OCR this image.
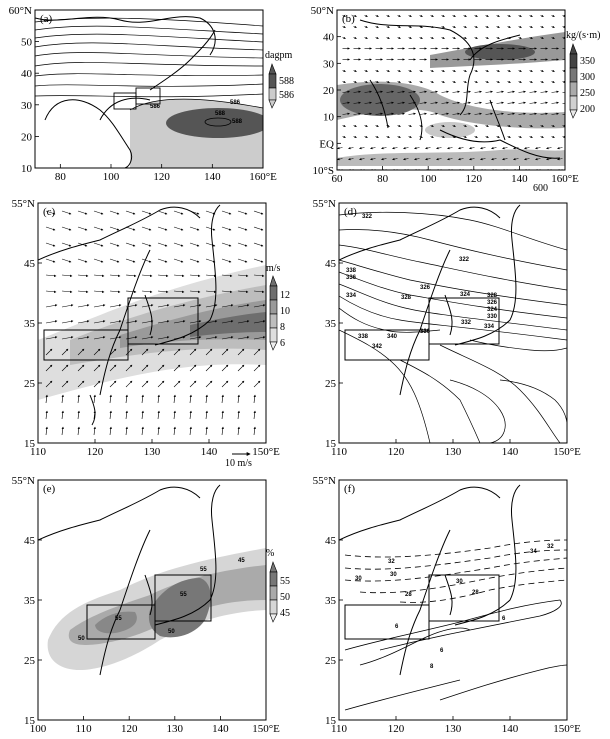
(a)
80	100	120	140	160°E
10
20
30
40
50
60°N
dagpm
588
586
588
588
586
586
(b)
60	80	100	120	140 160°E
10°S
EQ
10
20
30
40
50°N
600
kg/(s·m)
350
300
250
200
(c)
110	120	130	140	150°E
15
25
35
45
55°N
10 m/s
m/s
12
10
8
6
(d)
110	120	130	140	150°E
15
25
35
45
55°N
322
338
336
334	328
326
324
322
340
336
332
328
326
324
330
334
338
342
(e)
100	110	120	130	140 150°E
15
25
35
45
55°N
%
55
50
45
55
50
55
55
50
45
(f)
110	120	130	140	150°E
15
25
35
45
55°N
32
34
32
30
30
28
30
28
6
6
6
8
